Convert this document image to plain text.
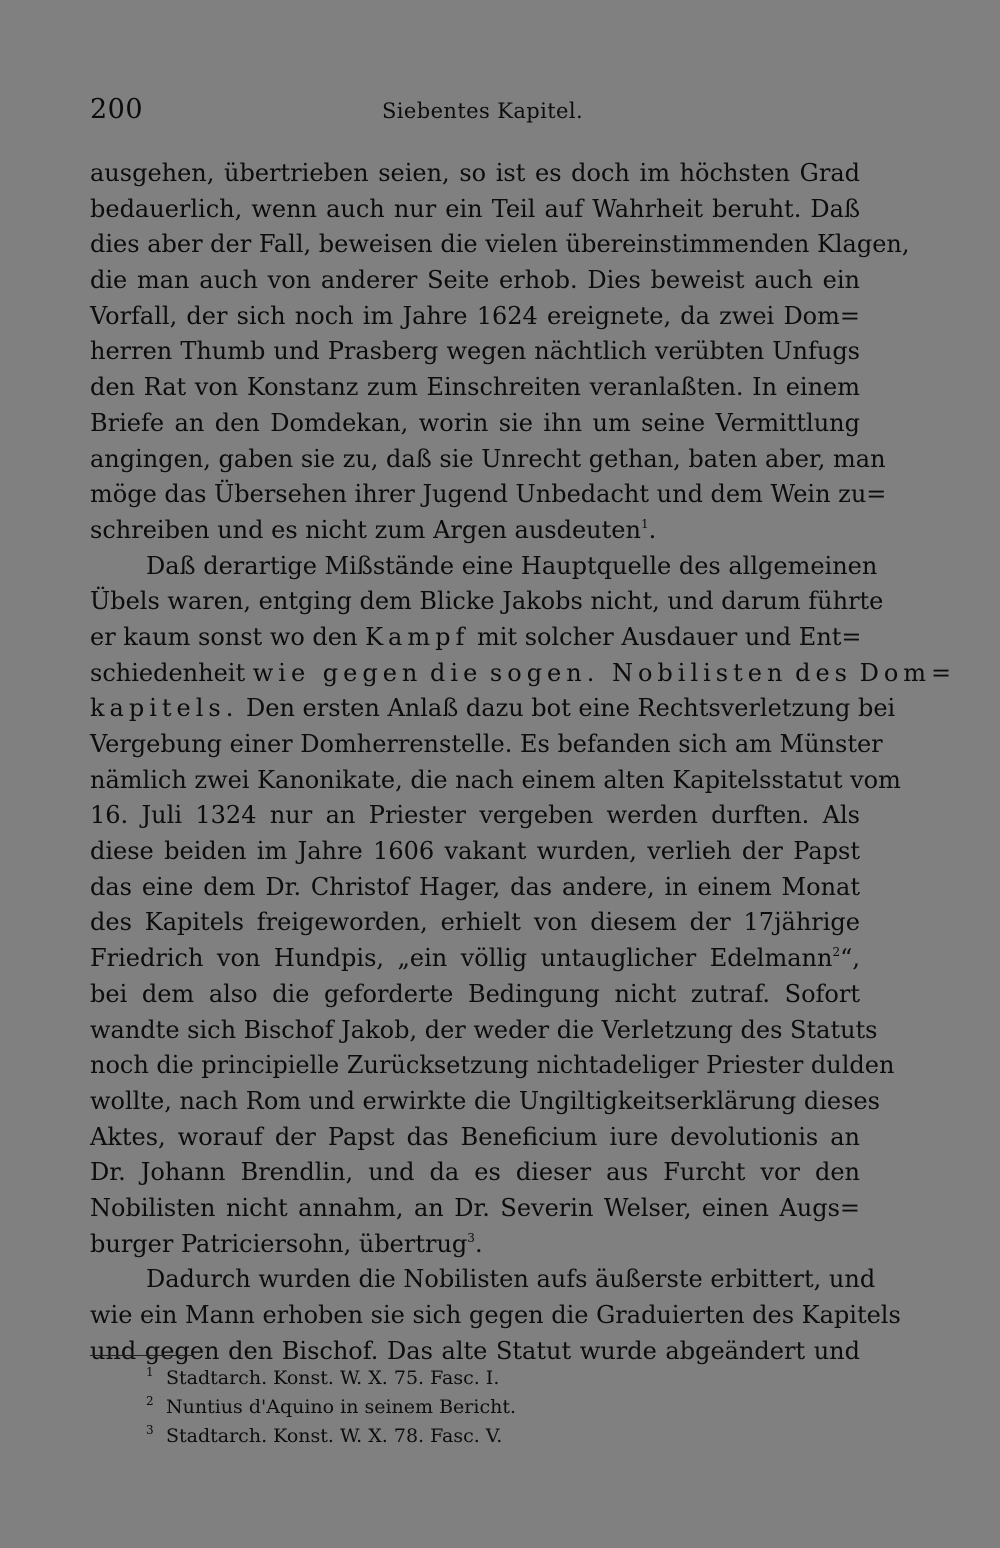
200	Siebentes Kapitel.
ausgehen, übertrieben seien, so ist es doch im höchsten Grad
bedauerlich, wenn auch nur ein Teil auf Wahrheit beruht. Daß
dies aber der Fall, beweisen die vielen übereinstimmenden Klagen,
die man auch von anderer Seite erhob. Dies beweist auch ein
Vorfall, der sich noch im Jahre 1624 ereignete, da zwei Dom=
herren Thumb und Prasberg wegen nächtlich verübten Unfugs
den Rat von Konstanz zum Einschreiten veranlaßten. In einem
Briefe an den Domdekan, worin sie ihn um seine Vermittlung
angingen, gaben sie zu, daß sie Unrecht gethan, baten aber, man
möge das Übersehen ihrer Jugend Unbedacht und dem Wein zu=
schreiben und es nicht zum Argen ausdeuten$^1$.
Daß derartige Mißstände eine Hauptquelle des allgemeinen
Übels waren, entging dem Blicke Jakobs nicht, und darum führte
er kaum sonst wo den Kampf mit solcher Ausdauer und Ent=
schiedenheit wie gegen die sogen. Nobilisten des Dom=
kapitels. Den ersten Anlaß dazu bot eine Rechtsverletzung bei
Vergebung einer Domherrenstelle. Es befanden sich am Münster
nämlich zwei Kanonikate, die nach einem alten Kapitelsstatut vom
16. Juli 1324 nur an Priester vergeben werden durften. Als
diese beiden im Jahre 1606 vakant wurden, verlieh der Papst
das eine dem Dr. Christof Hager, das andere, in einem Monat
des Kapitels freigeworden, erhielt von diesem der 17jährige
Friedrich von Hundpis, „ein völlig untauglicher Edelmann$^2$“,
bei dem also die geforderte Bedingung nicht zutraf. Sofort
wandte sich Bischof Jakob, der weder die Verletzung des Statuts
noch die principielle Zurücksetzung nichtadeliger Priester dulden
wollte, nach Rom und erwirkte die Ungiltigkeitserklärung dieses
Aktes, worauf der Papst das Beneficium iure devolutionis an
Dr. Johann Brendlin, und da es dieser aus Furcht vor den
Nobilisten nicht annahm, an Dr. Severin Welser, einen Augs=
burger Patriciersohn, übertrug$^3$.
Dadurch wurden die Nobilisten aufs äußerste erbittert, und
wie ein Mann erhoben sie sich gegen die Graduierten des Kapitels
und gegen den Bischof. Das alte Statut wurde abgeändert und
1 Stadtarch. Konst. W. X. 75. Fasc. I.
2 Nuntius d'Aquino in seinem Bericht.
3 Stadtarch. Konst. W. X. 78. Fasc. V.
